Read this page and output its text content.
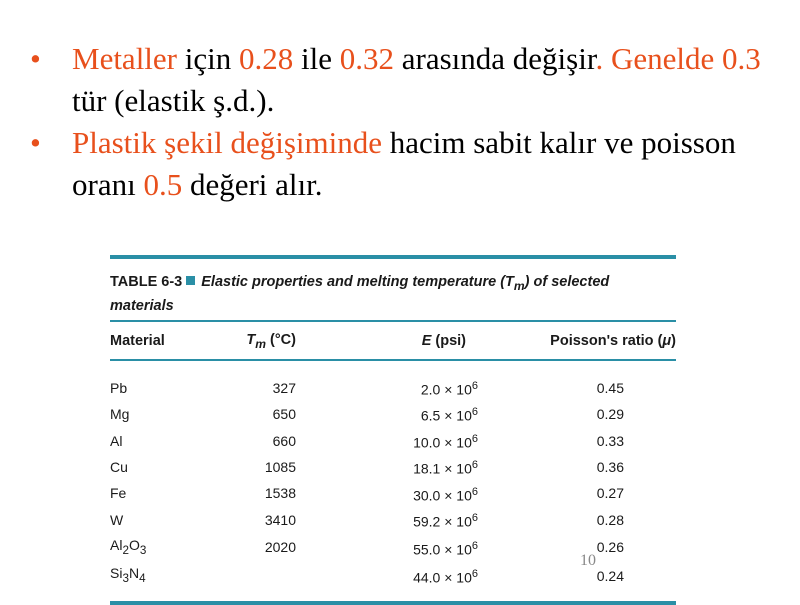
• Metaller için 0.28 ile 0.32 arasında değişir. Genelde 0.3 tür (elastik ş.d.).
• Plastik şekil değişiminde hacim sabit kalır ve poisson oranı 0.5 değeri alır.
TABLE 6-3 Elastic properties and melting temperature $(T_m)$ of selected materials
Material	$T_m$ (°C)	E (psi)	Poisson's ratio (μ)

Pb	327	$2.0 \times 10^6$	0.45
Mg	650	$6.5 \times 10^6$	0.29
Al	660	$10.0 \times 10^6$	0.33
Cu	1085	$18.1 \times 10^6$	0.36
Fe	1538	$30.0 \times 10^6$	0.27
W	3410	$59.2 \times 10^6$	0.28
$Al_2O_3$	2020	$55.0 \times 10^6$	0.26
$Si_3N_4$		$44.0 \times 10^6$	0.24
10
